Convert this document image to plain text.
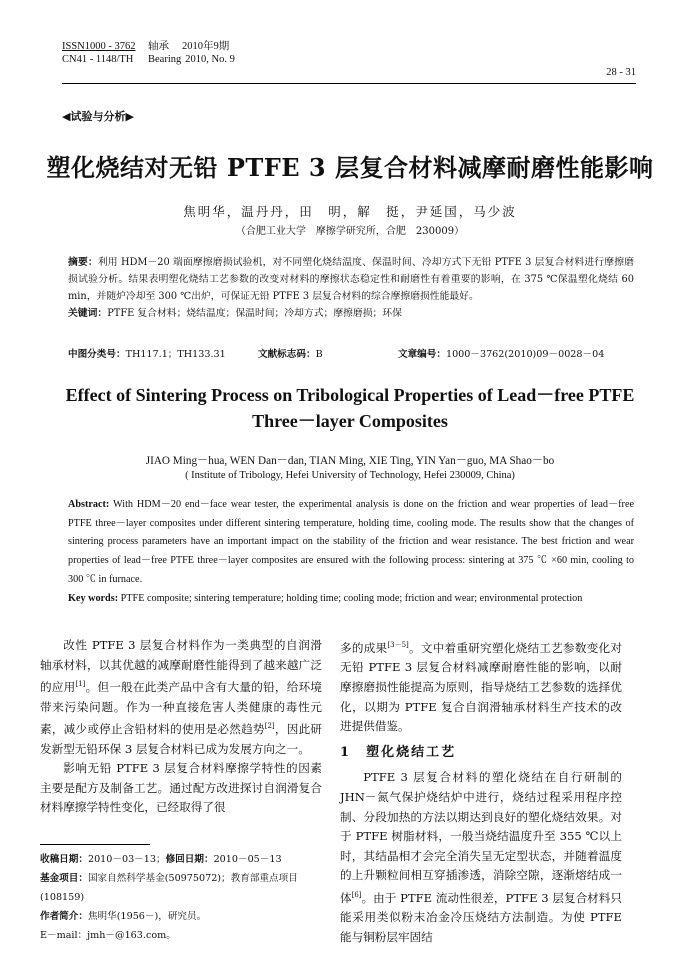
ISSN1000 - 3762	轴承	2010年9期
CN41 - 1148/TH	Bearing 2010, No. 9
28 - 31
◀试验与分析▶
塑化烧结对无铅 PTFE 3 层复合材料减摩耐磨性能影响
焦明华，温丹丹，田　明，解　挺，尹延国，马少波
（合肥工业大学　摩擦学研究所，合肥　230009）
摘要：利用 HDM－20 端面摩擦磨损试验机，对不同塑化烧结温度、保温时间、冷却方式下无铅 PTFE 3 层复合材料进行摩擦磨损试验分析。结果表明塑化烧结工艺参数的改变对材料的摩擦状态稳定性和耐磨性有着重要的影响，在 375 ℃保温塑化烧结 60 min，并随炉冷却至 300 ℃出炉，可保证无铅 PTFE 3 层复合材料的综合摩擦磨损性能最好。
关键词：PTFE 复合材料；烧结温度；保温时间；冷却方式；摩擦磨损；环保
中图分类号：TH117.1；TH133.31	文献标志码：B	文章编号：1000－3762(2010)09－0028－04
Effect of Sintering Process on Tribological Properties of Lead－free PTFE
Three－layer Composites
JIAO Ming－hua, WEN Dan－dan, TIAN Ming, XIE Ting, YIN Yan－guo, MA Shao－bo
( Institute of Tribology, Hefei University of Technology, Hefei 230009, China)
Abstract: With HDM－20 end－face wear tester, the experimental analysis is done on the friction and wear properties of lead－free PTFE three－layer composites under different sintering temperature, holding time, cooling mode. The results show that the changes of sintering process parameters have an important impact on the stability of the friction and wear resistance. The best friction and wear properties of lead－free PTFE three－layer composites are ensured with the following process: sintering at 375 ℃ ×60 min, cooling to 300 ℃ in furnace.
Key words: PTFE composite; sintering temperature; holding time; cooling mode; friction and wear; environmental protection

改性 PTFE 3 层复合材料作为一类典型的自润滑轴承材料，以其优越的减摩耐磨性能得到了越来越广泛的应用[1]。但一般在此类产品中含有大量的铅，给环境带来污染问题。作为一种直接危害人类健康的毒性元素，减少或停止含铅材料的使用是必然趋势[2]，因此研发新型无铅环保 3 层复合材料已成为发展方向之一。

影响无铅 PTFE 3 层复合材料摩擦学特性的因素主要是配方及制备工艺。通过配方改进探讨自润滑复合材料摩擦学特性变化，已经取得了很

收稿日期：2010－03－13；修回日期：2010－05－13
基金项目：国家自然科学基金(50975072)；教育部重点项目(108159)
作者简介：焦明华(1956－)，研究员。
E－mail：jmh－@163.com。

多的成果[3－5]。文中着重研究塑化烧结工艺参数变化对无铅 PTFE 3 层复合材料减摩耐磨性能的影响，以耐摩擦磨损性能提高为原则，指导烧结工艺参数的选择优化，以期为 PTFE 复合自润滑轴承材料生产技术的改进提供借鉴。

1　 塑化烧结工艺

PTFE 3 层复合材料的塑化烧结在自行研制的 JHN－氮气保护烧结炉中进行，烧结过程采用程序控制、分段加热的方法以期达到良好的塑化烧结效果。对于 PTFE 树脂材料，一般当烧结温度升至 355 ℃以上时，其结晶相才会完全消失呈无定型状态，并随着温度的上升颗粒间相互穿插渗透，消除空隙，逐渐熔结成一体[6]。由于 PTFE 流动性很差，PTFE 3 层复合材料只能采用类似粉末冶金冷压烧结方法制造。为使 PTFE 能与铜粉层牢固结
